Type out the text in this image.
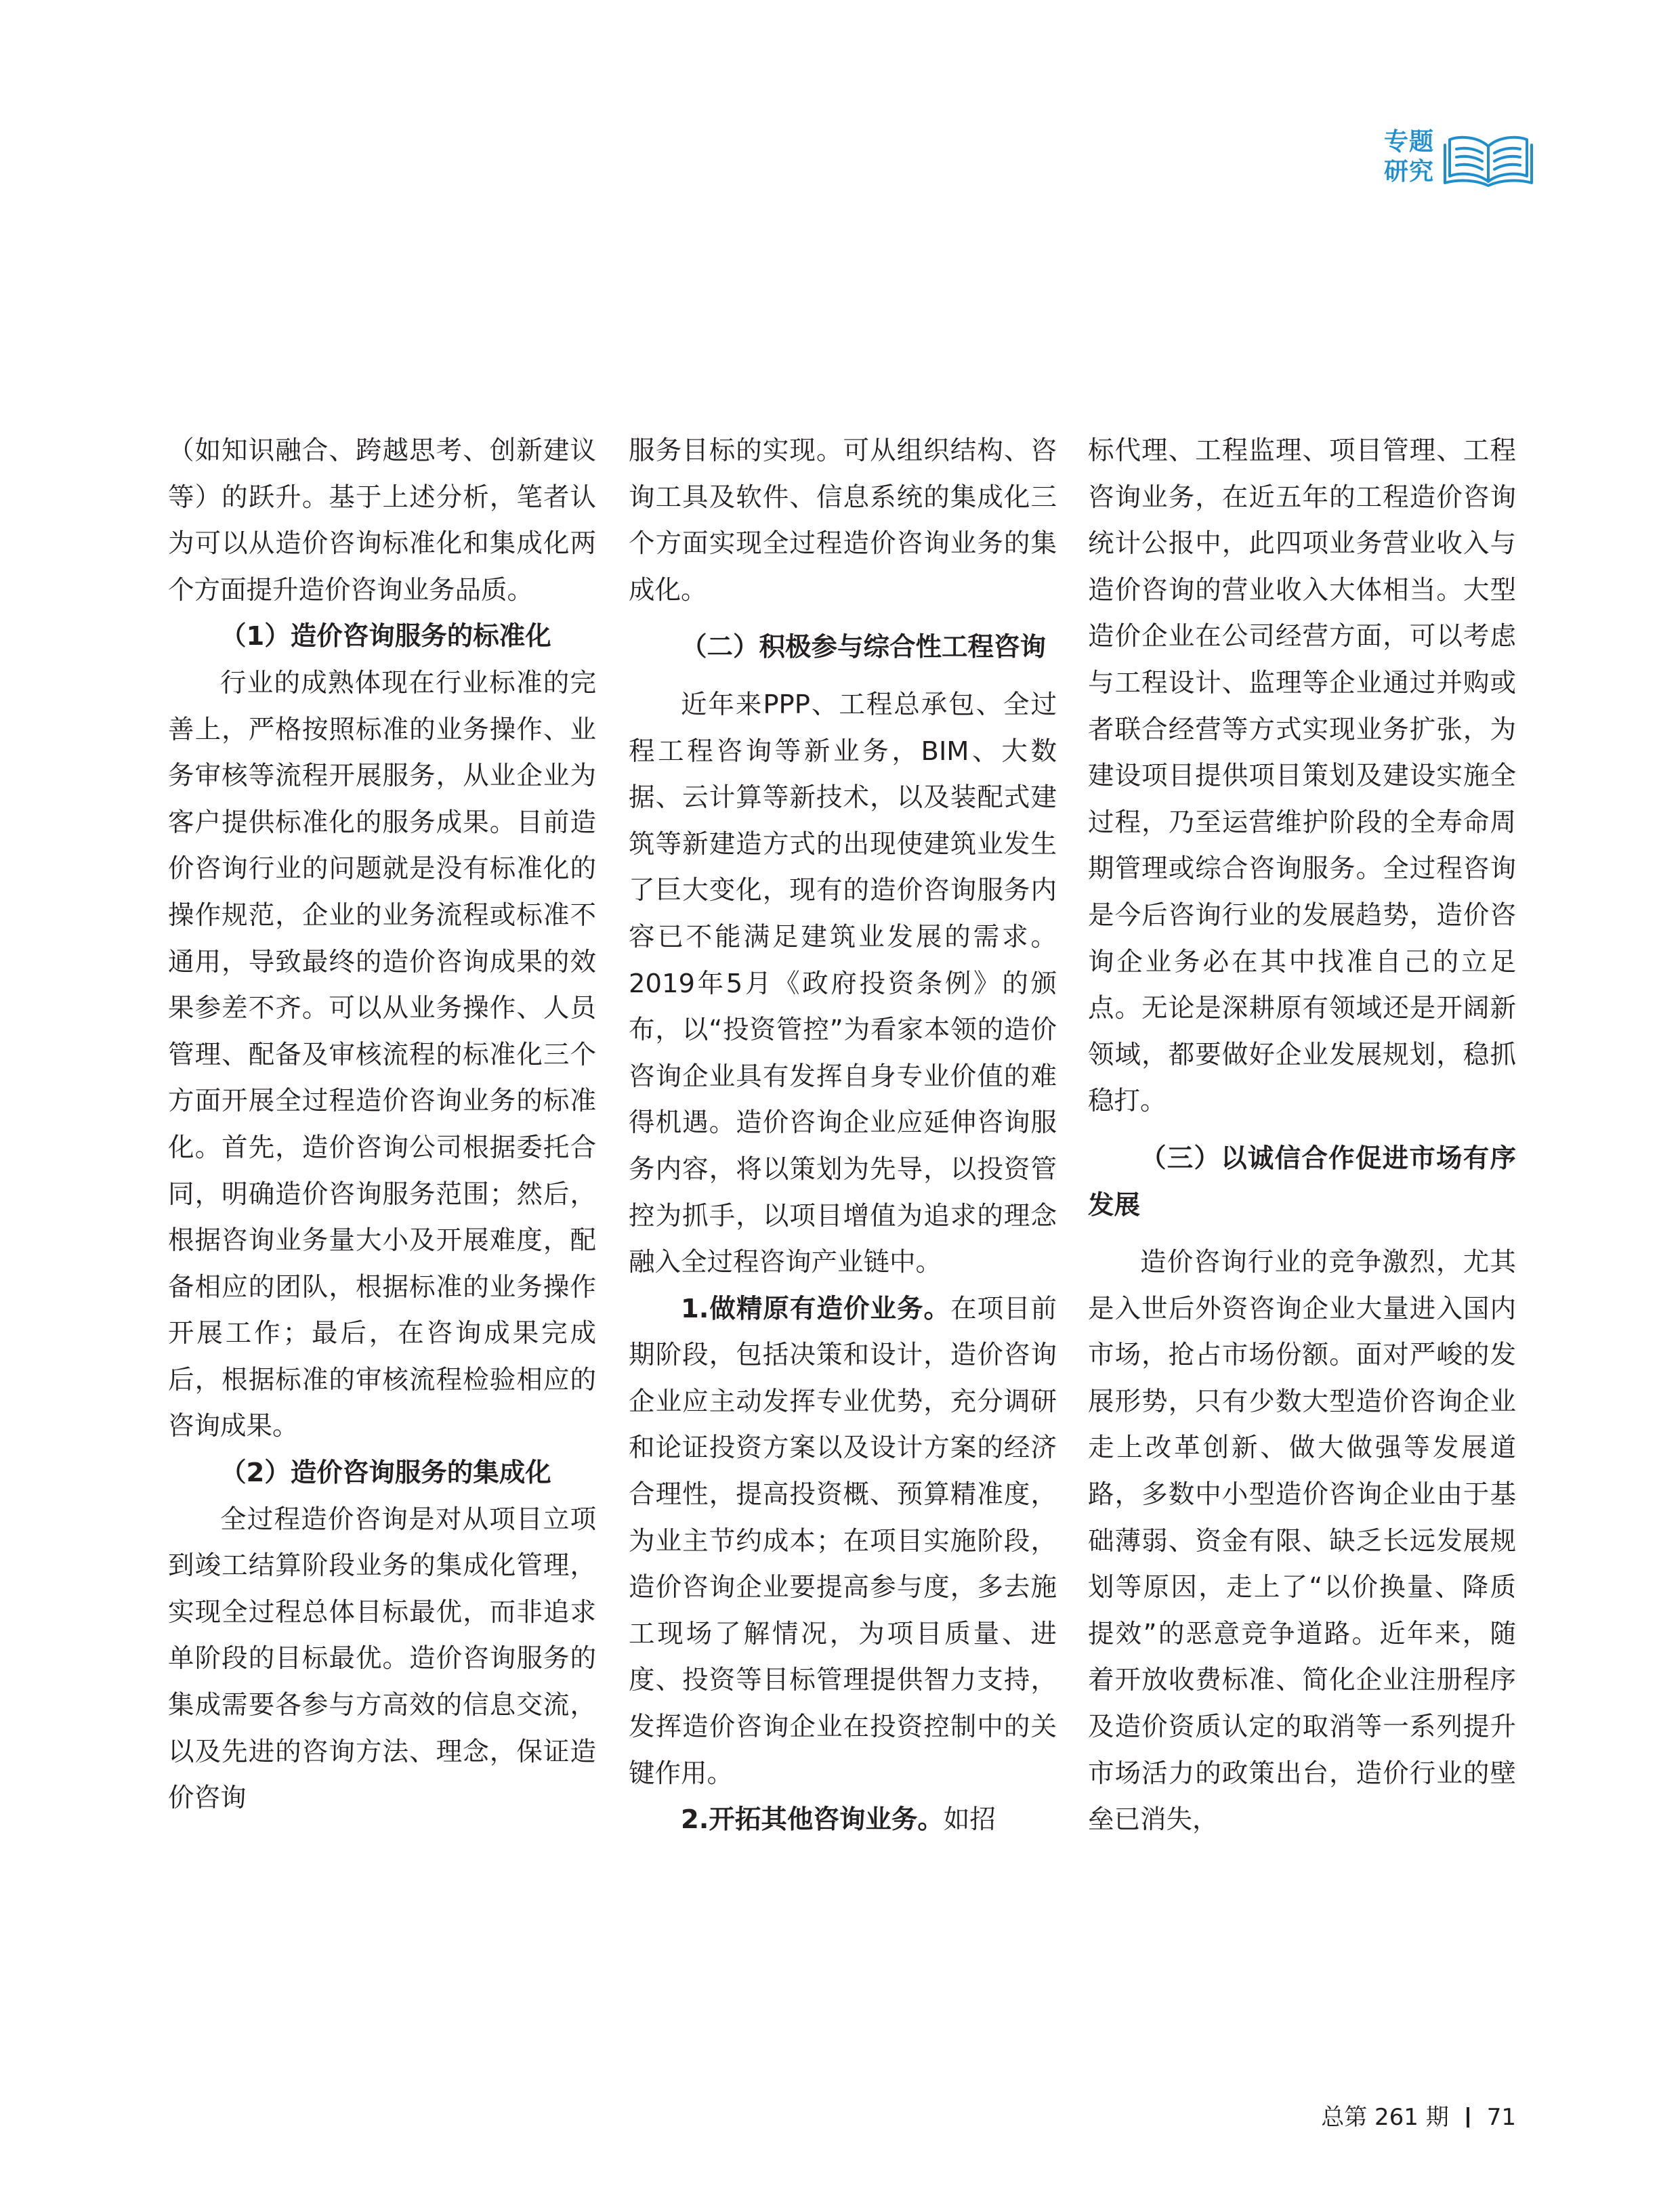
专题
研究

（如知识融合、跨越思考、创新建议等）的跃升。基于上述分析，笔者认为可以从造价咨询标准化和集成化两个方面提升造价咨询业务品质。

（1）造价咨询服务的标准化

行业的成熟体现在行业标准的完善上，严格按照标准的业务操作、业务审核等流程开展服务，从业企业为客户提供标准化的服务成果。目前造价咨询行业的问题就是没有标准化的操作规范，企业的业务流程或标准不通用，导致最终的造价咨询成果的效果参差不齐。可以从业务操作、人员管理、配备及审核流程的标准化三个方面开展全过程造价咨询业务的标准化。首先，造价咨询公司根据委托合同，明确造价咨询服务范围；然后，根据咨询业务量大小及开展难度，配备相应的团队，根据标准的业务操作开展工作；最后，在咨询成果完成后，根据标准的审核流程检验相应的咨询成果。

（2）造价咨询服务的集成化

全过程造价咨询是对从项目立项到竣工结算阶段业务的集成化管理，实现全过程总体目标最优，而非追求单阶段的目标最优。造价咨询服务的集成需要各参与方高效的信息交流，以及先进的咨询方法、理念，保证造价咨询

服务目标的实现。可从组织结构、咨询工具及软件、信息系统的集成化三个方面实现全过程造价咨询业务的集成化。

（二）积极参与综合性工程咨询

近年来PPP、工程总承包、全过程工程咨询等新业务，BIM、大数据、云计算等新技术，以及装配式建筑等新建造方式的出现使建筑业发生了巨大变化，现有的造价咨询服务内容已不能满足建筑业发展的需求。2019年5月《政府投资条例》的颁布，以“投资管控”为看家本领的造价咨询企业具有发挥自身专业价值的难得机遇。造价咨询企业应延伸咨询服务内容，将以策划为先导，以投资管控为抓手，以项目增值为追求的理念融入全过程咨询产业链中。

1.做精原有造价业务。在项目前期阶段，包括决策和设计，造价咨询企业应主动发挥专业优势，充分调研和论证投资方案以及设计方案的经济合理性，提高投资概、预算精准度，为业主节约成本；在项目实施阶段，造价咨询企业要提高参与度，多去施工现场了解情况，为项目质量、进度、投资等目标管理提供智力支持，发挥造价咨询企业在投资控制中的关键作用。

2.开拓其他咨询业务。如招

标代理、工程监理、项目管理、工程咨询业务，在近五年的工程造价咨询统计公报中，此四项业务营业收入与造价咨询的营业收入大体相当。大型造价企业在公司经营方面，可以考虑与工程设计、监理等企业通过并购或者联合经营等方式实现业务扩张，为建设项目提供项目策划及建设实施全过程，乃至运营维护阶段的全寿命周期管理或综合咨询服务。全过程咨询是今后咨询行业的发展趋势，造价咨询企业务必在其中找准自己的立足点。无论是深耕原有领域还是开阔新领域，都要做好企业发展规划，稳抓稳打。

（三）以诚信合作促进市场有序发展

造价咨询行业的竞争激烈，尤其是入世后外资咨询企业大量进入国内市场，抢占市场份额。面对严峻的发展形势，只有少数大型造价咨询企业走上改革创新、做大做强等发展道路，多数中小型造价咨询企业由于基础薄弱、资金有限、缺乏长远发展规划等原因，走上了“以价换量、降质提效”的恶意竞争道路。近年来，随着开放收费标准、简化企业注册程序及造价资质认定的取消等一系列提升市场活力的政策出台，造价行业的壁垒已消失，

总第 261 期 71
